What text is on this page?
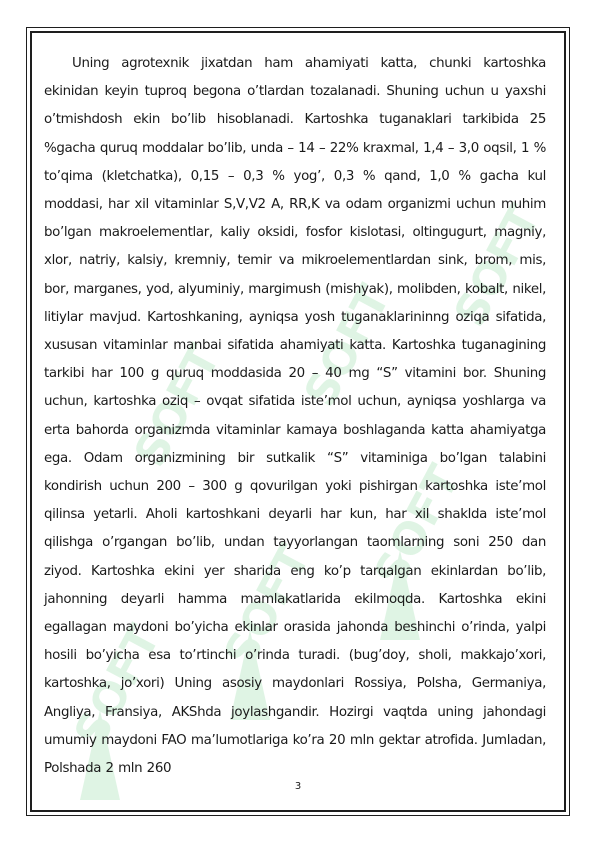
SOFT
SOFT
SOFT
SOFT SOFT
SOFT

Uning agrotexnik jixatdan ham ahamiyati katta, chunki kartoshka ekinidan keyin tuproq begona o’tlardan tozalanadi. Shuning uchun u yaxshi o’tmishdosh ekin bo’lib hisoblanadi. Kartoshka tuganaklari tarkibida 25 %gacha quruq moddalar bo’lib, unda – 14 – 22% kraxmal, 1,4 – 3,0 oqsil, 1 % to’qima (kletchatka), 0,15 – 0,3 % yog’, 0,3 % qand, 1,0 % gacha kul moddasi, har xil vitaminlar S,V,V2 A, RR,K va odam organizmi uchun muhim bo’lgan makroelementlar, kaliy oksidi, fosfor kislotasi, oltingugurt, magniy, xlor, natriy, kalsiy, kremniy, temir va mikroelementlardan sink, brom, mis, bor, marganes, yod, alyuminiy, margimush (mishyak), molibden, kobalt, nikel, litiylar mavjud. Kartoshkaning, ayniqsa yosh tuganaklarininng oziqa sifatida, xususan vitaminlar manbai sifatida ahamiyati katta. Kartoshka tuganagining tarkibi har 100 g quruq moddasida 20 – 40 mg “S” vitamini bor. Shuning uchun, kartoshka oziq – ovqat sifatida iste’mol uchun, ayniqsa yoshlarga va erta bahorda organizmda vitaminlar kamaya boshlaganda katta ahamiyatga ega. Odam organizmining bir sutkalik “S” vitaminiga bo’lgan talabini kondirish uchun 200 – 300 g qovurilgan yoki pishirgan kartoshka iste’mol qilinsa yetarli. Aholi kartoshkani deyarli har kun, har xil shaklda iste’mol qilishga o’rgangan bo’lib, undan tayyorlangan taomlarning soni 250 dan ziyod. Kartoshka ekini yer sharida eng ko’p tarqalgan ekinlardan bo’lib, jahonning deyarli hamma mamlakatlarida ekilmoqda. Kartoshka ekini egallagan maydoni bo’yicha ekinlar orasida jahonda beshinchi o’rinda, yalpi hosili bo’yicha esa to’rtinchi o’rinda turadi. (bug’doy, sholi, makkajo’xori, kartoshka, jo’xori) Uning asosiy maydonlari Rossiya, Polsha, Germaniya, Angliya, Fransiya, AKShda joylashgandir. Hozirgi vaqtda uning jahondagi umumiy maydoni FAO ma’lumotlariga ko’ra 20 mln gektar atrofida. Jumladan, Polshada 2 mln 260

3
